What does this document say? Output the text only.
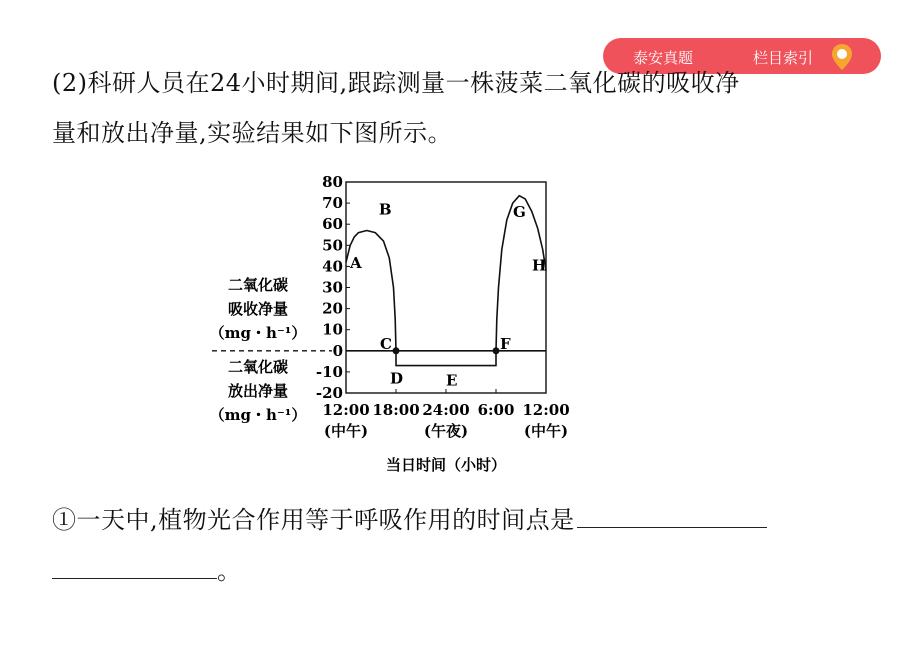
泰安真题	栏目索引
(2)科研人员在24小时期间,跟踪测量一株菠菜二氧化碳的吸收净
量和放出净量,实验结果如下图所示。
80
70
60
50
40
30
20
10
0
-10
-20
12:00
(中午)
18:00 24:00
(午夜)
6:00 12:00
(中午)
当日时间（小时）
二氧化碳
吸收净量
（mg・h⁻¹）
二氧化碳
放出净量
（mg・h⁻¹）
A
B
C
D	E
F
G
H
①一天中,植物光合作用等于呼吸作用的时间点是
。
